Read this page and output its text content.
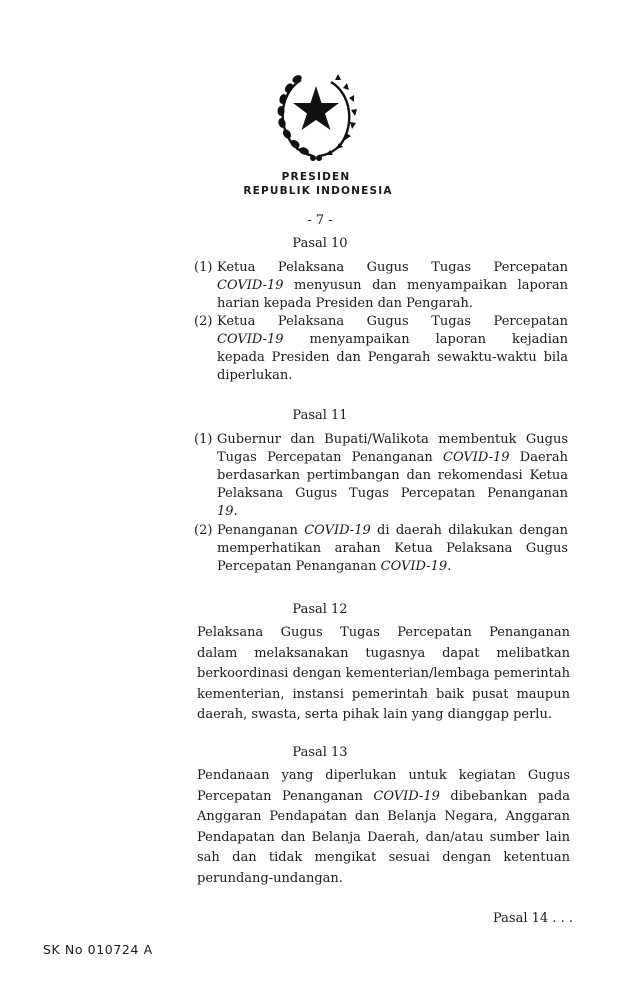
PRESIDEN
REPUBLIK INDONESIA
- 7 -
Pasal 10
(1) Ketua Pelaksana Gugus Tugas Percepatan
COVID-19 menyusun dan menyampaikan laporan
harian kepada Presiden dan Pengarah.
(2) Ketua Pelaksana Gugus Tugas Percepatan
COVID-19 menyampaikan laporan kejadian
kepada Presiden dan Pengarah sewaktu-waktu bila
diperlukan.
Pasal 11
(1) Gubernur dan Bupati/Walikota membentuk Gugus
Tugas Percepatan Penanganan COVID-19 Daerah
berdasarkan pertimbangan dan rekomendasi Ketua
Pelaksana Gugus Tugas Percepatan Penanganan
19.
(2) Penanganan COVID-19 di daerah dilakukan dengan
memperhatikan arahan Ketua Pelaksana Gugus
Percepatan Penanganan COVID-19.
Pasal 12
Pelaksana Gugus Tugas Percepatan Penanganan
dalam melaksanakan tugasnya dapat melibatkan
berkoordinasi dengan kementerian/lembaga pemerintah
kementerian, instansi pemerintah baik pusat maupun
daerah, swasta, serta pihak lain yang dianggap perlu.
Pasal 13
Pendanaan yang diperlukan untuk kegiatan Gugus
Percepatan Penanganan COVID-19 dibebankan pada
Anggaran Pendapatan dan Belanja Negara, Anggaran
Pendapatan dan Belanja Daerah, dan/atau sumber lain
sah dan tidak mengikat sesuai dengan ketentuan
perundang-undangan.
Pasal 14 . . .
SK No 010724 A
